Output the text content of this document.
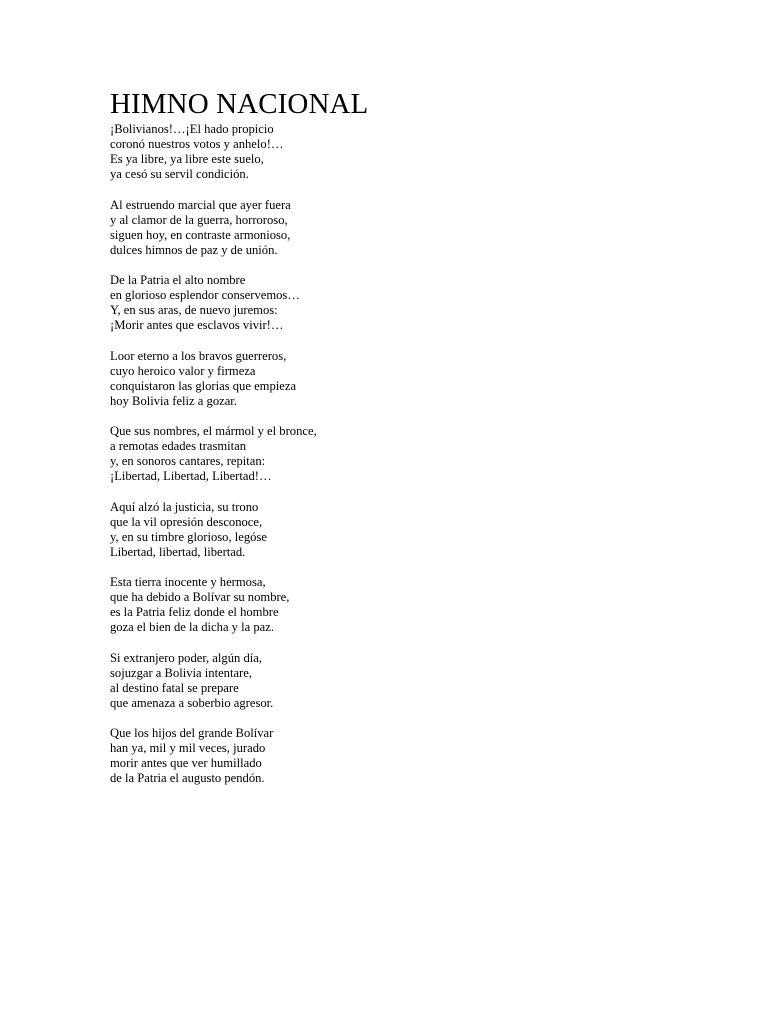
HIMNO NACIONAL
¡Bolivianos!…¡El hado propicio
coronó nuestros votos y anhelo!…
Es ya libre, ya libre este suelo,
ya cesó su servil condición.
Al estruendo marcial que ayer fuera
y al clamor de la guerra, horroroso,
siguen hoy, en contraste armonioso,
dulces himnos de paz y de unión.
De la Patria el alto nombre
en glorioso esplendor conservemos…
Y, en sus aras, de nuevo juremos:
¡Morir antes que esclavos vivir!…
Loor eterno a los bravos guerreros,
cuyo heroico valor y firmeza
conquistaron las glorias que empieza
hoy Bolivia feliz a gozar.
Que sus nombres, el mármol y el bronce,
a remotas edades trasmitan
y, en sonoros cantares, repitan:
¡Libertad, Libertad, Libertad!…
Aquí alzó la justicia, su trono
que la vil opresión desconoce,
y, en su timbre glorioso, legóse
Libertad, libertad, libertad.
Esta tierra inocente y hermosa,
que ha debido a Bolívar su nombre,
es la Patria feliz donde el hombre
goza el bien de la dicha y la paz.
Si extranjero poder, algún día,
sojuzgar a Bolivia intentare,
al destino fatal se prepare
que amenaza a soberbio agresor.
Que los hijos del grande Bolívar
han ya, mil y mil veces, jurado
morir antes que ver humillado
de la Patria el augusto pendón.
